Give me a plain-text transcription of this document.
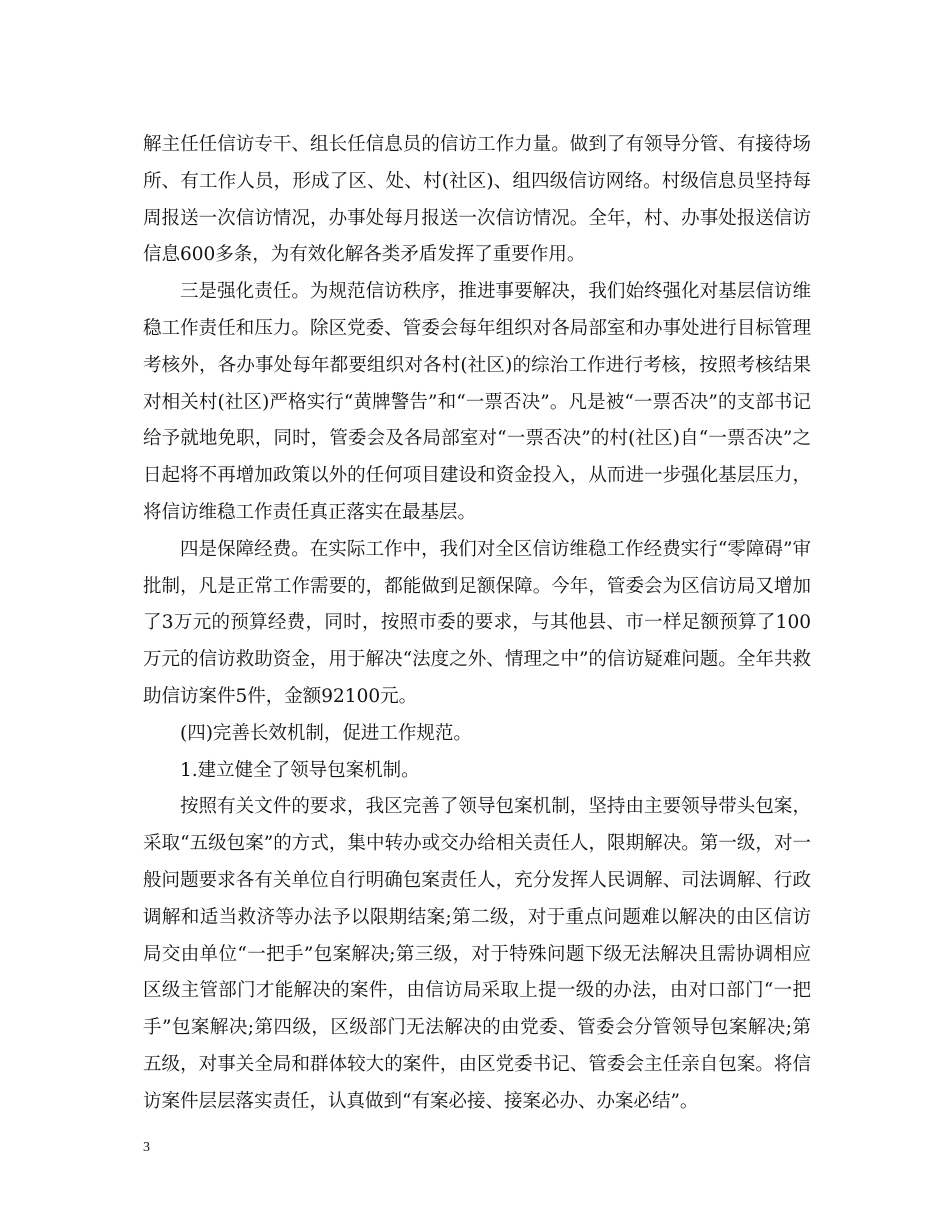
解主任任信访专干、组长任信息员的信访工作力量。做到了有领导分管、有接待场所、有工作人员，形成了区、处、村(社区)、组四级信访网络。村级信息员坚持每周报送一次信访情况，办事处每月报送一次信访情况。全年，村、办事处报送信访信息600多条，为有效化解各类矛盾发挥了重要作用。

三是强化责任。为规范信访秩序，推进事要解决，我们始终强化对基层信访维稳工作责任和压力。除区党委、管委会每年组织对各局部室和办事处进行目标管理考核外，各办事处每年都要组织对各村(社区)的综治工作进行考核，按照考核结果对相关村(社区)严格实行“黄牌警告”和“一票否决”。凡是被“一票否决”的支部书记给予就地免职，同时，管委会及各局部室对“一票否决”的村(社区)自“一票否决”之日起将不再增加政策以外的任何项目建设和资金投入，从而进一步强化基层压力，将信访维稳工作责任真正落实在最基层。

四是保障经费。在实际工作中，我们对全区信访维稳工作经费实行“零障碍”审批制，凡是正常工作需要的，都能做到足额保障。今年，管委会为区信访局又增加了3万元的预算经费，同时，按照市委的要求，与其他县、市一样足额预算了100万元的信访救助资金，用于解决“法度之外、情理之中”的信访疑难问题。全年共救助信访案件5件，金额92100元。

(四)完善长效机制，促进工作规范。

1.建立健全了领导包案机制。

按照有关文件的要求，我区完善了领导包案机制，坚持由主要领导带头包案，采取“五级包案”的方式，集中转办或交办给相关责任人，限期解决。第一级，对一般问题要求各有关单位自行明确包案责任人，充分发挥人民调解、司法调解、行政调解和适当救济等办法予以限期结案;第二级，对于重点问题难以解决的由区信访局交由单位“一把手”包案解决;第三级，对于特殊问题下级无法解决且需协调相应区级主管部门才能解决的案件，由信访局采取上提一级的办法，由对口部门“一把手”包案解决;第四级，区级部门无法解决的由党委、管委会分管领导包案解决;第五级，对事关全局和群体较大的案件，由区党委书记、管委会主任亲自包案。将信访案件层层落实责任，认真做到“有案必接、接案必办、办案必结”。

3
